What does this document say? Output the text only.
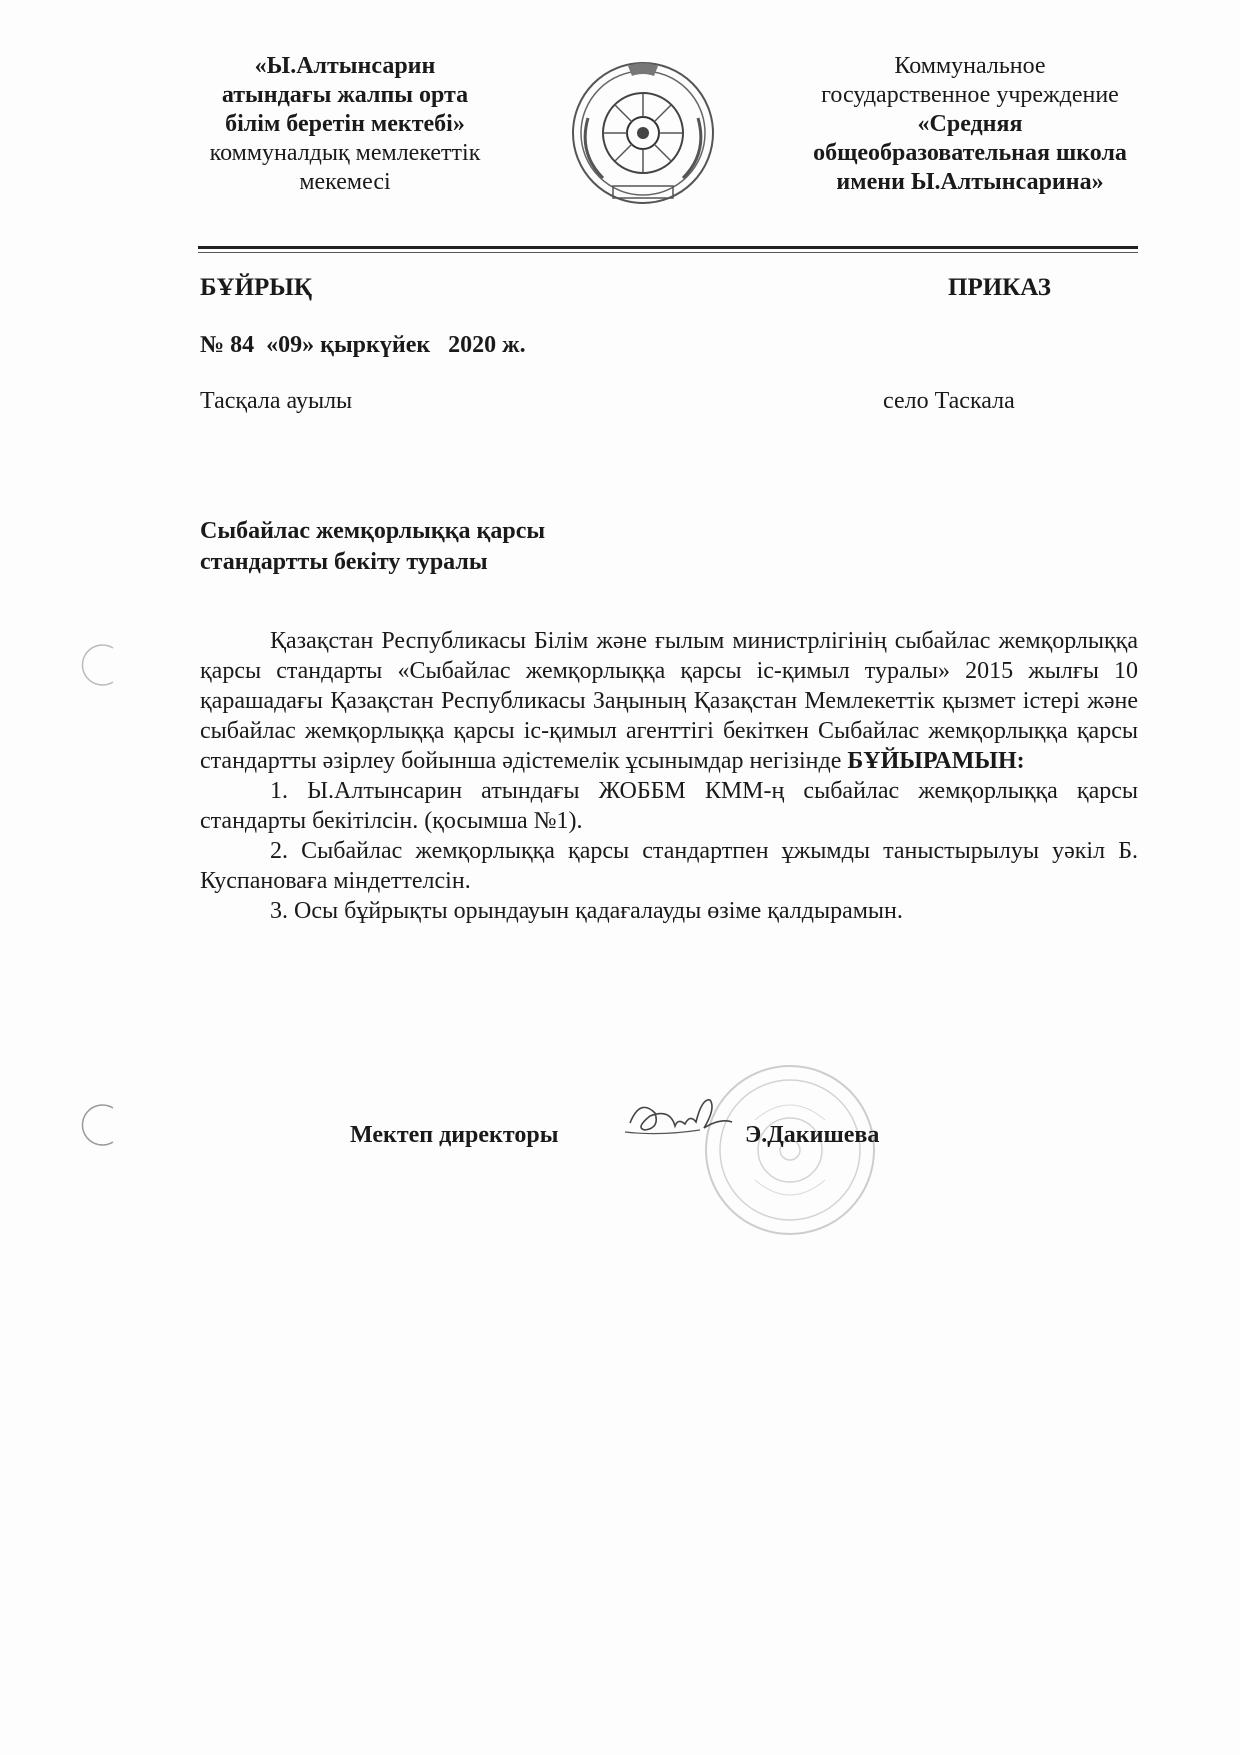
«Ы.Алтынсарин
атындағы жалпы орта
білім беретін мектебі»
коммуналдық мемлекеттік
мекемесі
Коммунальное
государственное учреждение
«Средняя
общеобразовательная школа
имени Ы.Алтынсарина»
БҰЙРЫҚ	ПРИКАЗ
№ 84  «09» қыркүйек   2020 ж.
Тасқала ауылы	село Таскала
Сыбайлас жемқорлыққа қарсы
стандартты бекіту туралы

Қазақстан Республикасы Білім және ғылым министрлігінің сыбайлас жемқорлыққа қарсы стандарты «Сыбайлас жемқорлыққа қарсы іс-қимыл туралы» 2015 жылғы 10 қарашадағы Қазақстан Республикасы Заңының Қазақстан Мемлекеттік қызмет істері және сыбайлас жемқорлыққа қарсы іс-қимыл агенттігі бекіткен Сыбайлас жемқорлыққа қарсы стандартты әзірлеу бойынша әдістемелік ұсынымдар негізінде БҰЙЫРАМЫН:

1. Ы.Алтынсарин атындағы ЖОББМ КММ-ң сыбайлас жемқорлыққа қарсы стандарты бекітілсін. (қосымша №1).

2. Сыбайлас жемқорлыққа қарсы стандартпен ұжымды таныстырылуы уәкіл Б. Куспановаға міндеттелсін.

3. Осы бұйрықты орындауын қадағалауды өзіме қалдырамын.

Мектеп директоры	Э.Дакишева
